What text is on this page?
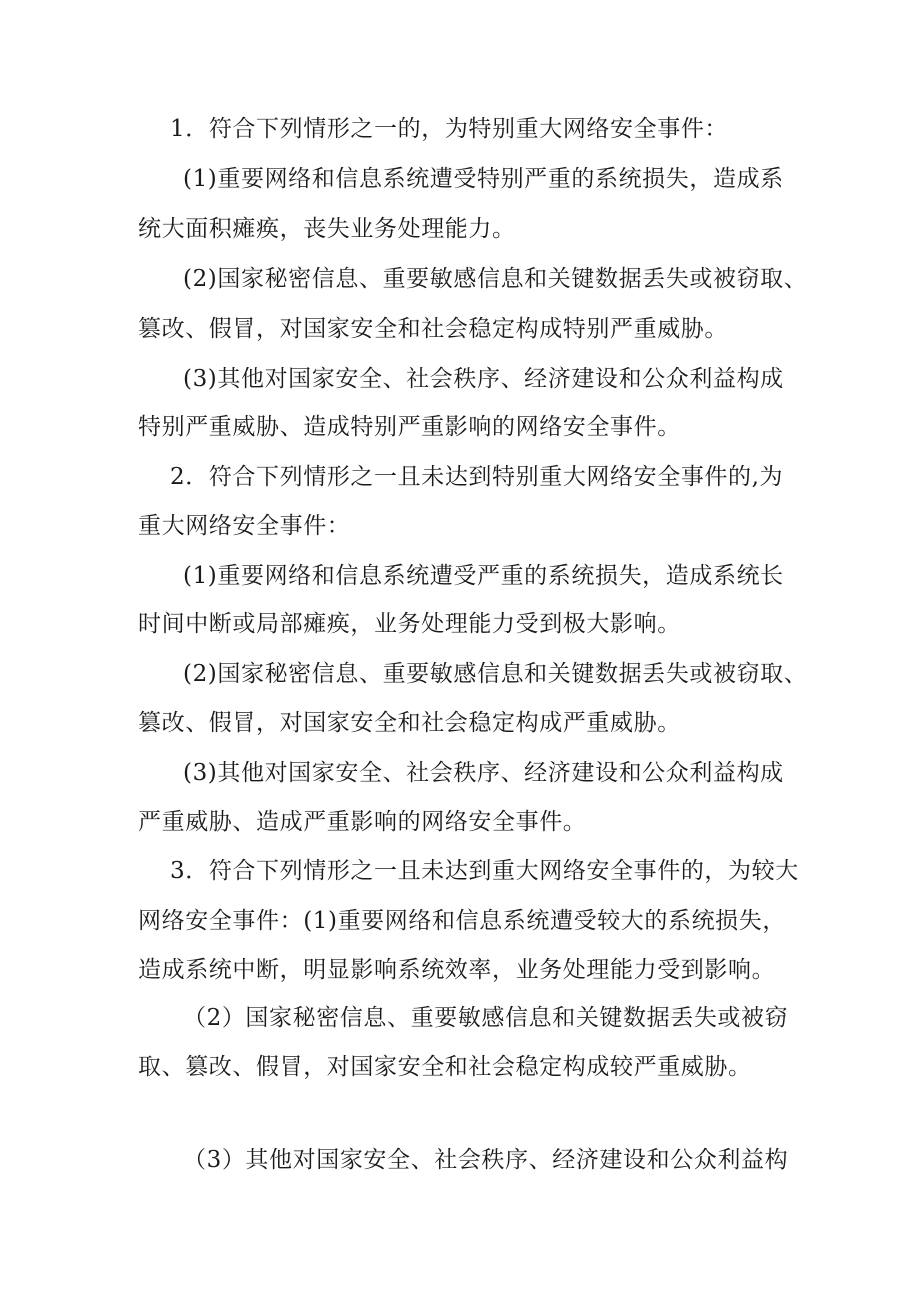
1．符合下列情形之一的，为特别重大网络安全事件：
(1)重要网络和信息系统遭受特别严重的系统损失，造成系
统大面积瘫痪，丧失业务处理能力。
(2)国家秘密信息、重要敏感信息和关键数据丢失或被窃取、
篡改、假冒，对国家安全和社会稳定构成特别严重威胁。
(3)其他对国家安全、社会秩序、经济建设和公众利益构成
特别严重威胁、造成特别严重影响的网络安全事件。
2．符合下列情形之一且未达到特别重大网络安全事件的,为
重大网络安全事件：
(1)重要网络和信息系统遭受严重的系统损失，造成系统长
时间中断或局部瘫痪，业务处理能力受到极大影响。
(2)国家秘密信息、重要敏感信息和关键数据丢失或被窃取、
篡改、假冒，对国家安全和社会稳定构成严重威胁。
(3)其他对国家安全、社会秩序、经济建设和公众利益构成
严重威胁、造成严重影响的网络安全事件。
3．符合下列情形之一且未达到重大网络安全事件的，为较大
网络安全事件：(1)重要网络和信息系统遭受较大的系统损失，
造成系统中断，明显影响系统效率，业务处理能力受到影响。
（2）国家秘密信息、重要敏感信息和关键数据丢失或被窃
取、篡改、假冒，对国家安全和社会稳定构成较严重威胁。
（3）其他对国家安全、社会秩序、经济建设和公众利益构
